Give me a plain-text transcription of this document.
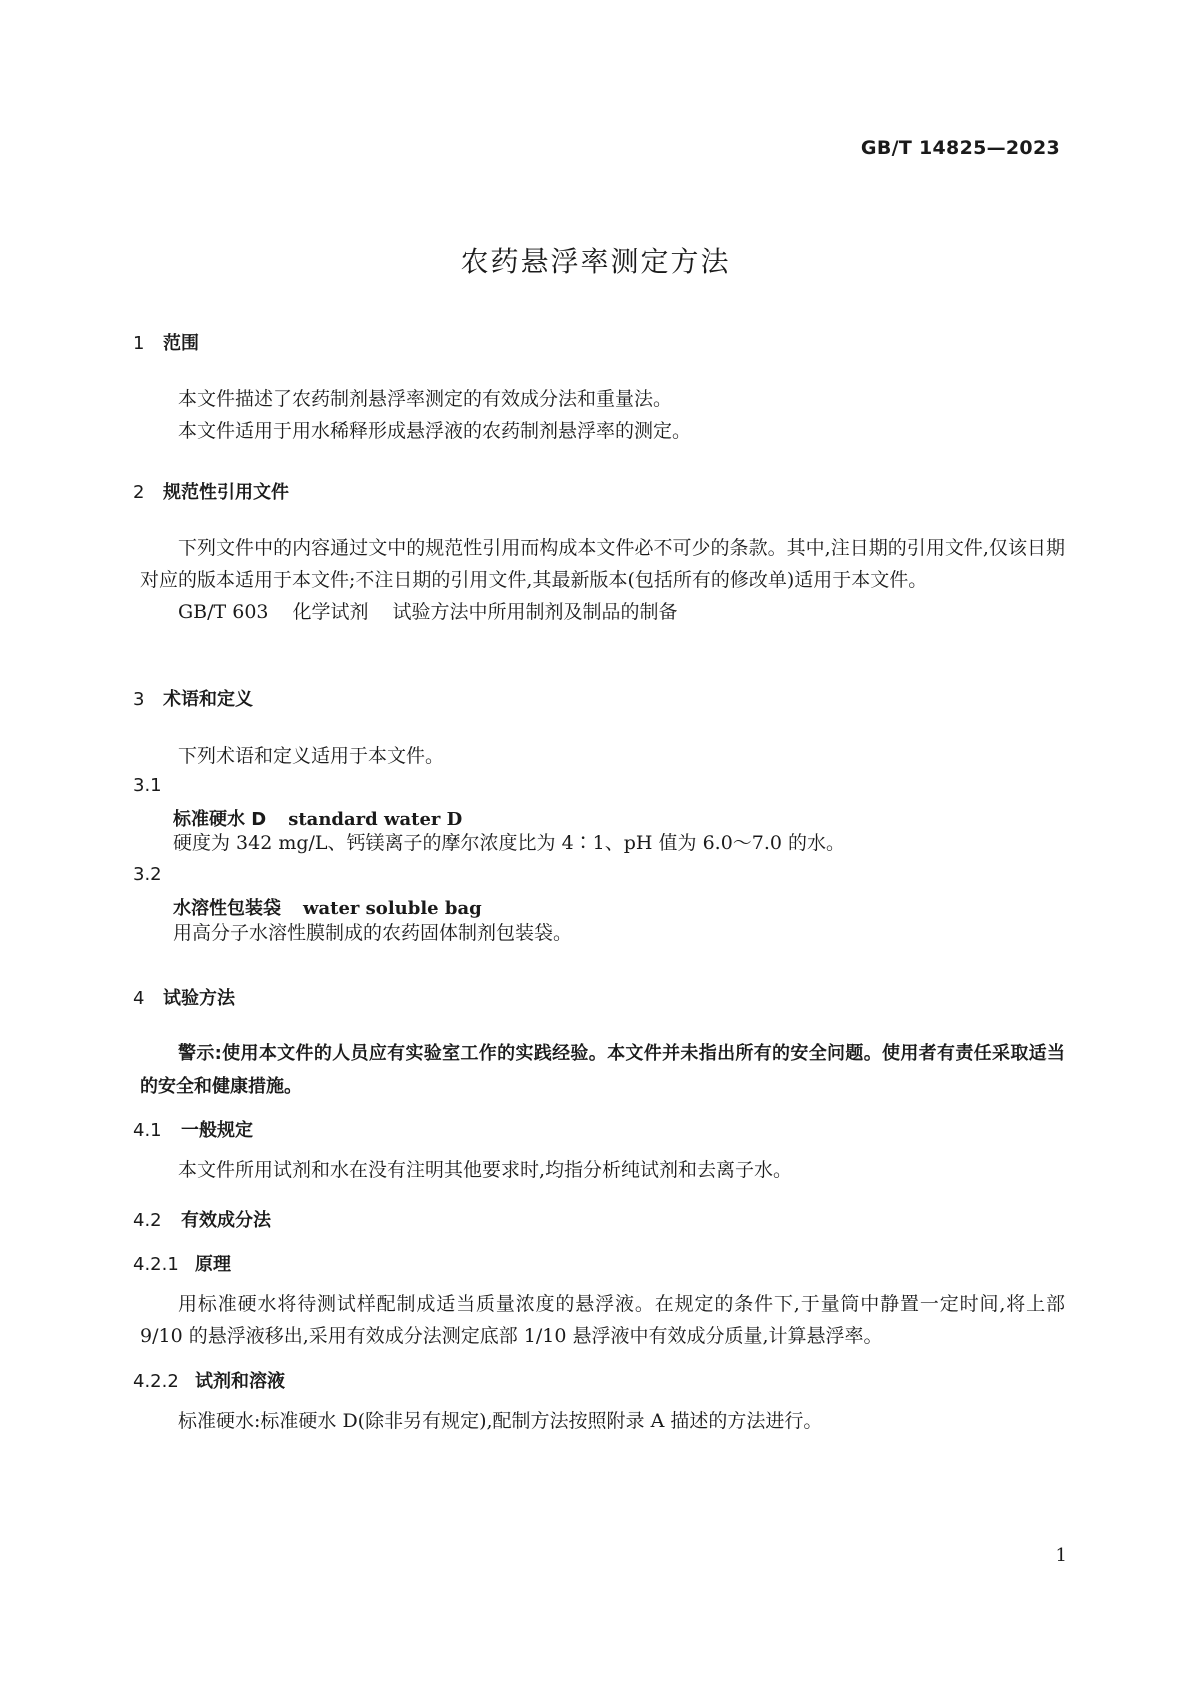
GB/T 14825—2023
农药悬浮率测定方法
1 范围
本文件描述了农药制剂悬浮率测定的有效成分法和重量法。
本文件适用于用水稀释形成悬浮液的农药制剂悬浮率的测定。
2 规范性引用文件
下列文件中的内容通过文中的规范性引用而构成本文件必不可少的条款。其中,注日期的引用文件,仅该日期对应的版本适用于本文件;不注日期的引用文件,其最新版本(包括所有的修改单)适用于本文件。
GB/T 603 化学试剂 试验方法中所用制剂及制品的制备
3 术语和定义
下列术语和定义适用于本文件。
3.1
标准硬水 D standard water D
硬度为 342 mg/L、钙镁离子的摩尔浓度比为 4∶1、pH 值为 6.0～7.0 的水。
3.2
水溶性包装袋 water soluble bag
用高分子水溶性膜制成的农药固体制剂包装袋。
4 试验方法
警示:使用本文件的人员应有实验室工作的实践经验。本文件并未指出所有的安全问题。使用者有责任采取适当的安全和健康措施。
4.1 一般规定
本文件所用试剂和水在没有注明其他要求时,均指分析纯试剂和去离子水。
4.2 有效成分法
4.2.1 原理
用标准硬水将待测试样配制成适当质量浓度的悬浮液。在规定的条件下,于量筒中静置一定时间,将上部 9/10 的悬浮液移出,采用有效成分法测定底部 1/10 悬浮液中有效成分质量,计算悬浮率。
4.2.2 试剂和溶液
标准硬水:标准硬水 D(除非另有规定),配制方法按照附录 A 描述的方法进行。
1
